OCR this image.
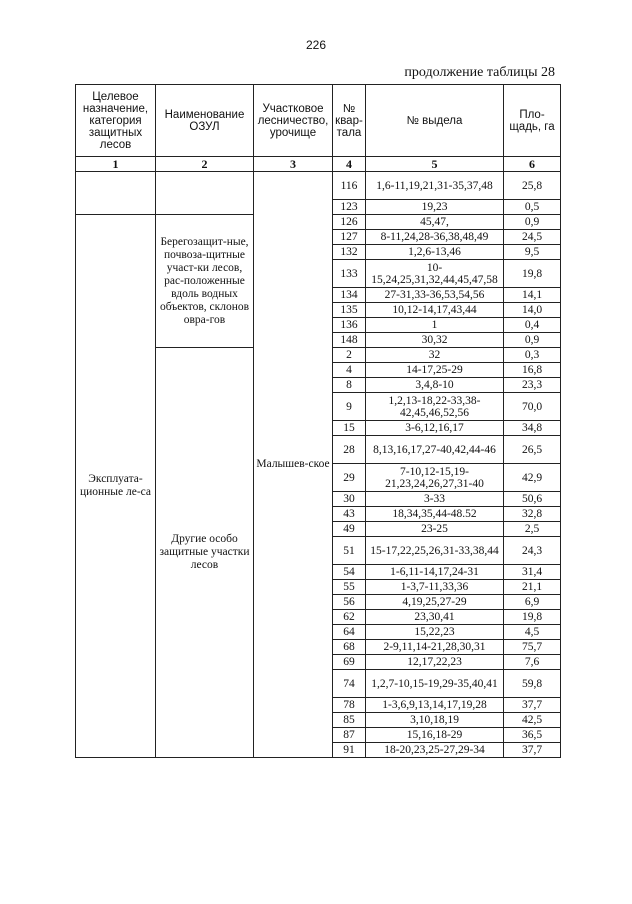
226
продолжение таблицы 28
Целевое назначение, категория защитных лесов	Наименование ОЗУЛ	Участковое лесничество, урочище	№ квар-тала	№ выдела	Пло-щадь, га
1	2	3	4	5	6
		Малышев-ское	116	1,6-11,19,21,31-35,37,48	25,8
			123	19,23	0,5
Эксплуата-ционные ле-са	Берегозащит-ные, почвоза-щитные участ-ки лесов, рас-положенные вдоль водных объектов, склонов овра-гов		126	45,47,	0,9
			127	8-11,24,28-36,38,48,49	24,5
			132	1,2,6-13,46	9,5
			133	10-15,24,25,31,32,44,45,47,58	19,8
			134	27-31,33-36,53,54,56	14,1
			135	10,12-14,17,43,44	14,0
			136	1	0,4
			148	30,32	0,9
	Другие особо защитные участки лесов		2	32	0,3
			4	14-17,25-29	16,8
			8	3,4,8-10	23,3
			9	1,2,13-18,22-33,38-42,45,46,52,56	70,0
			15	3-6,12,16,17	34,8
			28	8,13,16,17,27-40,42,44-46	26,5
			29	7-10,12-15,19-21,23,24,26,27,31-40	42,9
			30	3-33	50,6
			43	18,34,35,44-48.52	32,8
			49	23-25	2,5
			51	15-17,22,25,26,31-33,38,44	24,3
			54	1-6,11-14,17,24-31	31,4
			55	1-3,7-11,33,36	21,1
			56	4,19,25,27-29	6,9
			62	23,30,41	19,8
			64	15,22,23	4,5
			68	2-9,11,14-21,28,30,31	75,7
			69	12,17,22,23	7,6
			74	1,2,7-10,15-19,29-35,40,41	59,8
			78	1-3,6,9,13,14,17,19,28	37,7
			85	3,10,18,19	42,5
			87	15,16,18-29	36,5
			91	18-20,23,25-27,29-34	37,7
